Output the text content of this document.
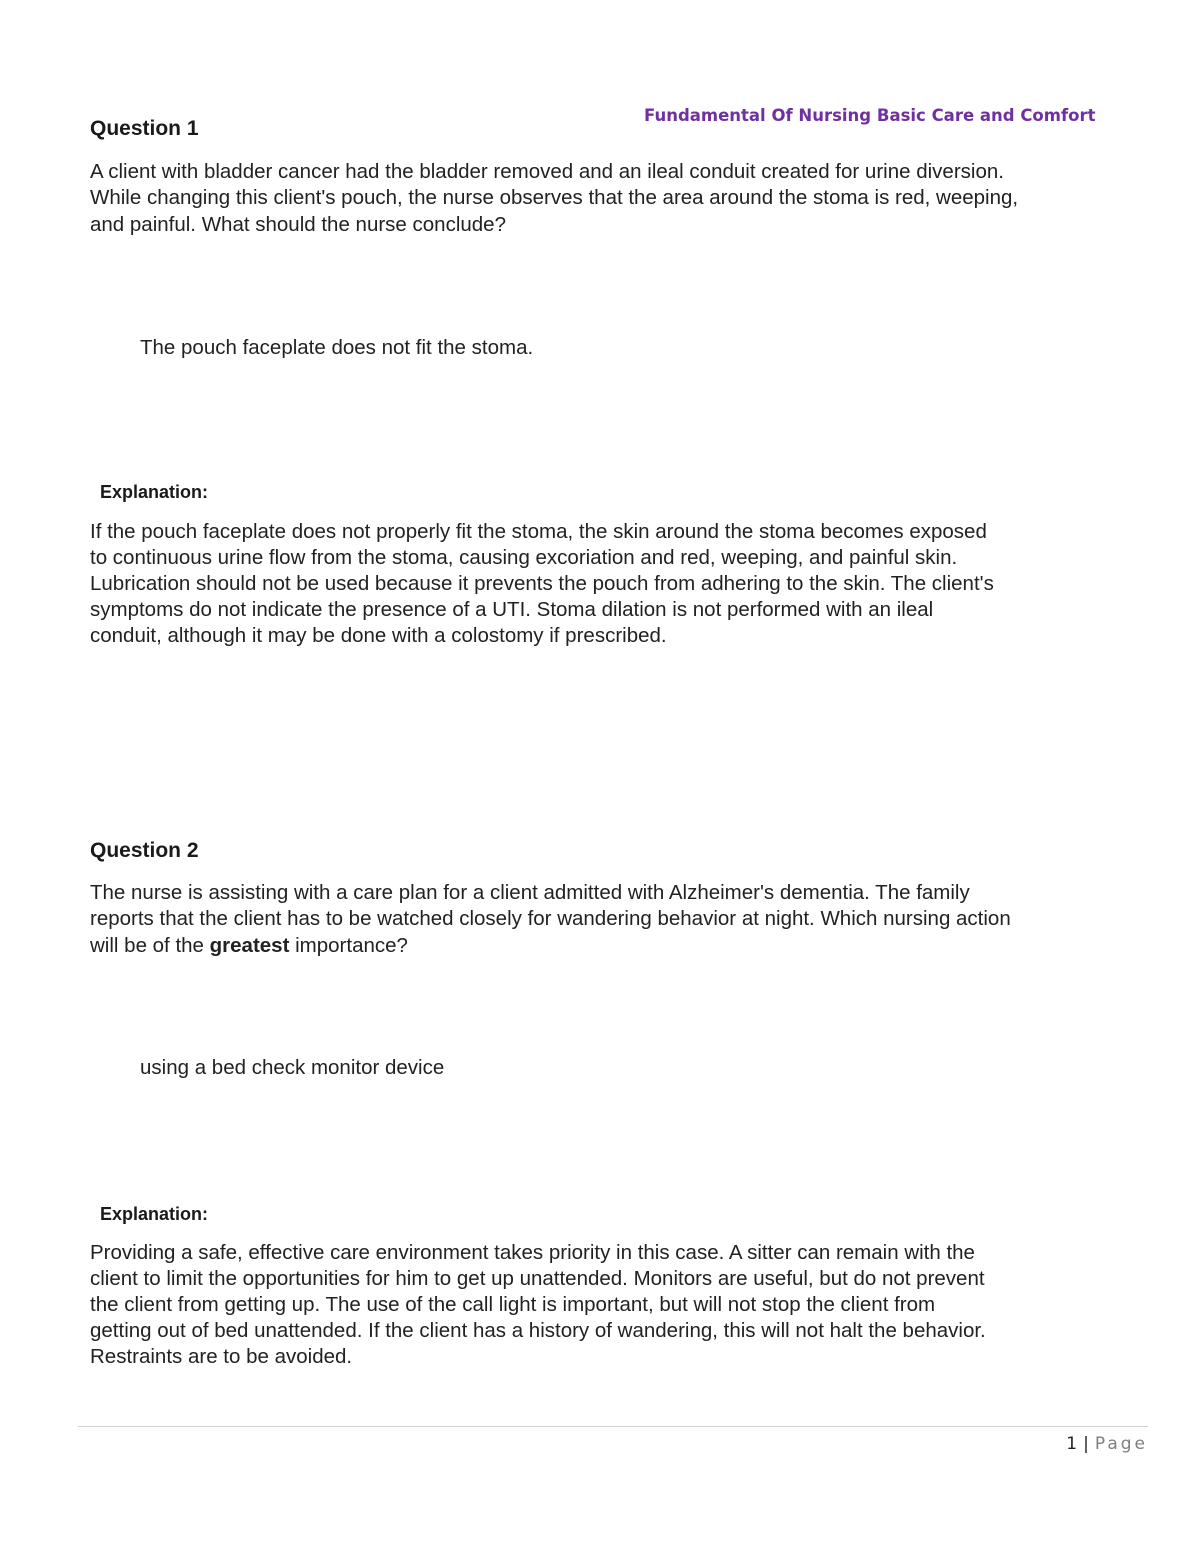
Fundamental Of Nursing Basic Care and Comfort
Question 1
A client with bladder cancer had the bladder removed and an ileal conduit created for urine diversion.
While changing this client's pouch, the nurse observes that the area around the stoma is red, weeping,
and painful. What should the nurse conclude?
The pouch faceplate does not fit the stoma.
Explanation:
If the pouch faceplate does not properly fit the stoma, the skin around the stoma becomes exposed
to continuous urine flow from the stoma, causing excoriation and red, weeping, and painful skin.
Lubrication should not be used because it prevents the pouch from adhering to the skin. The client's
symptoms do not indicate the presence of a UTI. Stoma dilation is not performed with an ileal
conduit, although it may be done with a colostomy if prescribed.
Question 2
The nurse is assisting with a care plan for a client admitted with Alzheimer's dementia. The family
reports that the client has to be watched closely for wandering behavior at night. Which nursing action
will be of the greatest importance?
using a bed check monitor device
Explanation:
Providing a safe, effective care environment takes priority in this case. A sitter can remain with the
client to limit the opportunities for him to get up unattended. Monitors are useful, but do not prevent
the client from getting up. The use of the call light is important, but will not stop the client from
getting out of bed unattended. If the client has a history of wandering, this will not halt the behavior.
Restraints are to be avoided.
1 | Page
